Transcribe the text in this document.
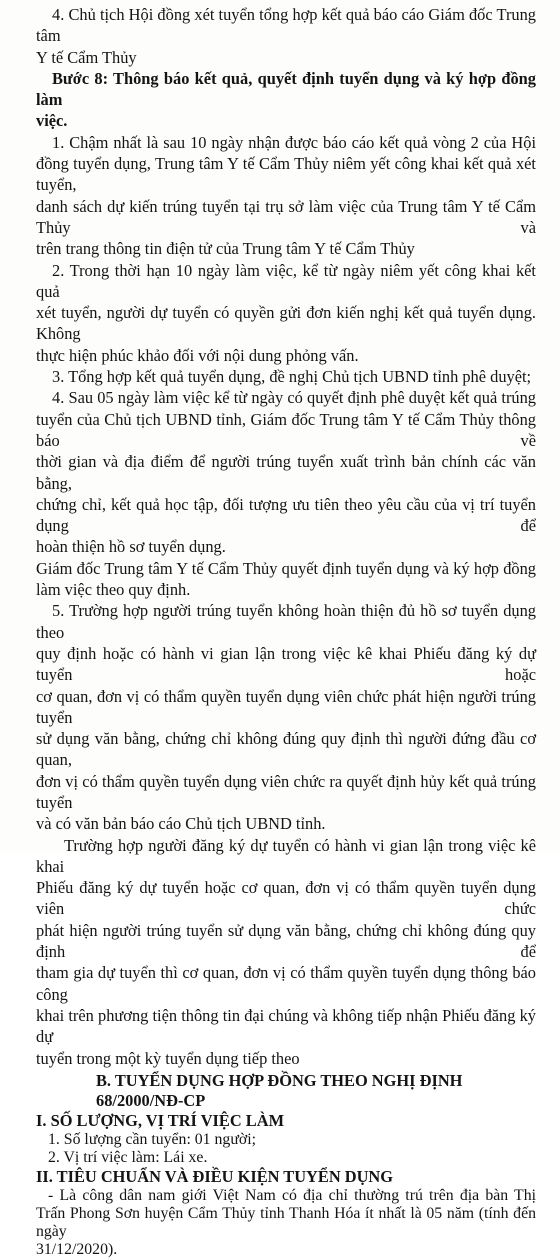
4. Chủ tịch Hội đồng xét tuyển tổng hợp kết quả báo cáo Giám đốc Trung tâm
Y tế Cẩm Thủy
Bước 8: Thông báo kết quả, quyết định tuyển dụng và ký hợp đồng làm
việc.
1. Chậm nhất là sau 10 ngày nhận được báo cáo kết quả vòng 2 của Hội
đồng tuyển dụng, Trung tâm Y tế Cẩm Thủy niêm yết công khai kết quả xét tuyển,
danh sách dự kiến trúng tuyển tại trụ sở làm việc của Trung tâm Y tế Cẩm Thủy và
trên trang thông tin điện tử của Trung tâm Y tế Cẩm Thủy
2. Trong thời hạn 10 ngày làm việc, kể từ ngày niêm yết công khai kết quả
xét tuyển, người dự tuyển có quyền gửi đơn kiến nghị kết quả tuyển dụng. Không
thực hiện phúc khảo đối với nội dung phỏng vấn.
3. Tổng hợp kết quả tuyển dụng, đề nghị Chủ tịch UBND tỉnh phê duyệt;
4. Sau 05 ngày làm việc kể từ ngày có quyết định phê duyệt kết quả trúng
tuyển của Chủ tịch UBND tỉnh, Giám đốc Trung tâm Y tế Cẩm Thủy thông báo về
thời gian và địa điểm để người trúng tuyển xuất trình bản chính các văn bằng,
chứng chỉ, kết quả học tập, đối tượng ưu tiên theo yêu cầu của vị trí tuyển dụng để
hoàn thiện hồ sơ tuyển dụng.
Giám đốc Trung tâm Y tế Cẩm Thủy quyết định tuyển dụng và ký hợp đồng
làm việc theo quy định.
5. Trường hợp người trúng tuyển không hoàn thiện đủ hồ sơ tuyển dụng theo
quy định hoặc có hành vi gian lận trong việc kê khai Phiếu đăng ký dự tuyển hoặc
cơ quan, đơn vị có thẩm quyền tuyển dụng viên chức phát hiện người trúng tuyển
sử dụng văn bằng, chứng chỉ không đúng quy định thì người đứng đầu cơ quan,
đơn vị có thẩm quyền tuyển dụng viên chức ra quyết định hủy kết quả trúng tuyển
và có văn bản báo cáo Chủ tịch UBND tỉnh.
Trường hợp người đăng ký dự tuyển có hành vi gian lận trong việc kê khai
Phiếu đăng ký dự tuyển hoặc cơ quan, đơn vị có thẩm quyền tuyển dụng viên chức
phát hiện người trúng tuyển sử dụng văn bằng, chứng chỉ không đúng quy định để
tham gia dự tuyển thì cơ quan, đơn vị có thẩm quyền tuyển dụng thông báo công
khai trên phương tiện thông tin đại chúng và không tiếp nhận Phiếu đăng ký dự
tuyển trong một kỳ tuyển dụng tiếp theo
B. TUYỂN DỤNG HỢP ĐỒNG THEO NGHỊ ĐỊNH 68/2000/NĐ-CP
I. SỐ LƯỢNG, VỊ TRÍ VIỆC LÀM
1. Số lượng cần tuyển: 01 người;
2. Vị trí việc làm: Lái xe.
II. TIÊU CHUẨN VÀ ĐIỀU KIỆN TUYỂN DỤNG
- Là công dân nam giới Việt Nam có địa chỉ thường trú trên địa bàn Thị
Trấn Phong Sơn huyện Cẩm Thủy tỉnh Thanh Hóa ít nhất là 05 năm (tính đến ngày
31/12/2020).
